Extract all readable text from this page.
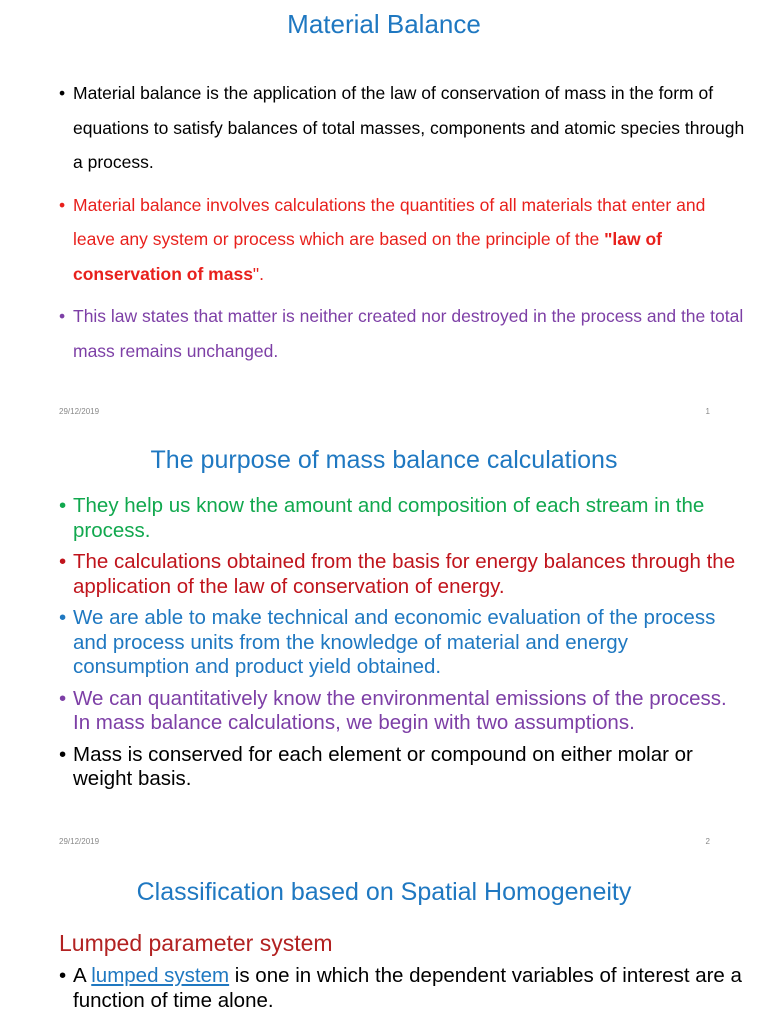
Material Balance
• Material balance is the application of the law of conservation of mass in the form of equations to satisfy balances of total masses, components and atomic species through a process.
• Material balance involves calculations the quantities of all materials that enter and leave any system or process which are based on the principle of the "law of conservation of mass".
• This law states that matter is neither created nor destroyed in the process and the total mass remains unchanged.
29/12/2019	1
The purpose of mass balance calculations
• They help us know the amount and composition of each stream in the process.
• The calculations obtained from the basis for energy balances through the application of the law of conservation of energy.
• We are able to make technical and economic evaluation of the process and process units from the knowledge of material and energy consumption and product yield obtained.
• We can quantitatively know the environmental emissions of the process. In mass balance calculations, we begin with two assumptions.
• Mass is conserved for each element or compound on either molar or weight basis.
29/12/2019	2
Classification based on Spatial Homogeneity
Lumped parameter system
• A lumped system is one in which the dependent variables of interest are a function of time alone.
